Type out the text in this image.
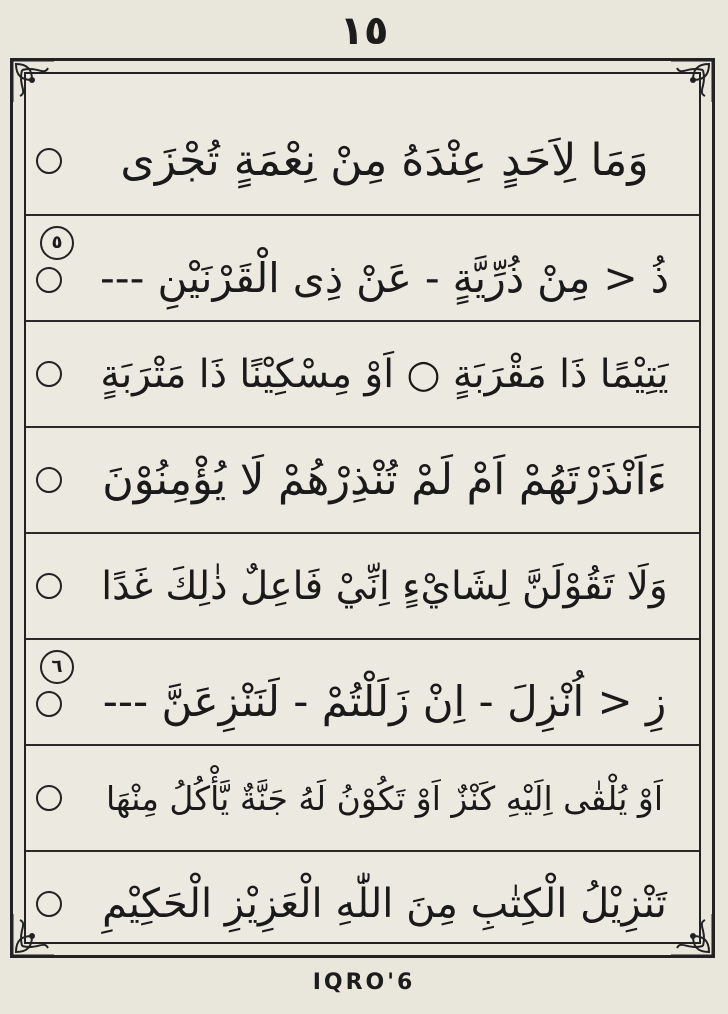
١٥
وَمَا لِاَحَدٍ عِنْدَهُ مِنْ نِعْمَةٍ تُجْزَى
٥
ذُ < مِنْ ذُرِّيَّةٍ - عَنْ ذِى الْقَرْنَيْنِ ---
يَتِيْمًا ذَا مَقْرَبَةٍ ○ اَوْ مِسْكِيْنًا ذَا مَتْرَبَةٍ
ءَاَنْذَرْتَهُمْ اَمْ لَمْ تُنْذِرْهُمْ لَا يُؤْمِنُوْنَ
وَلَا تَقُوْلَنَّ لِشَايْءٍ اِنِّيْ فَاعِلٌ ذٰلِكَ غَدًا
٦
زِ < اُنْزِلَ - اِنْ زَلَلْتُمْ - لَنَنْزِعَنَّ ---
اَوْ يُلْقٰى اِلَيْهِ كَنْزٌ اَوْ تَكُوْنُ لَهُ جَنَّةٌ يَّأْكُلُ مِنْهَا
تَنْزِيْلُ الْكِتٰبِ مِنَ اللّٰهِ الْعَزِيْزِ الْحَكِيْمِ
IQRO'6
